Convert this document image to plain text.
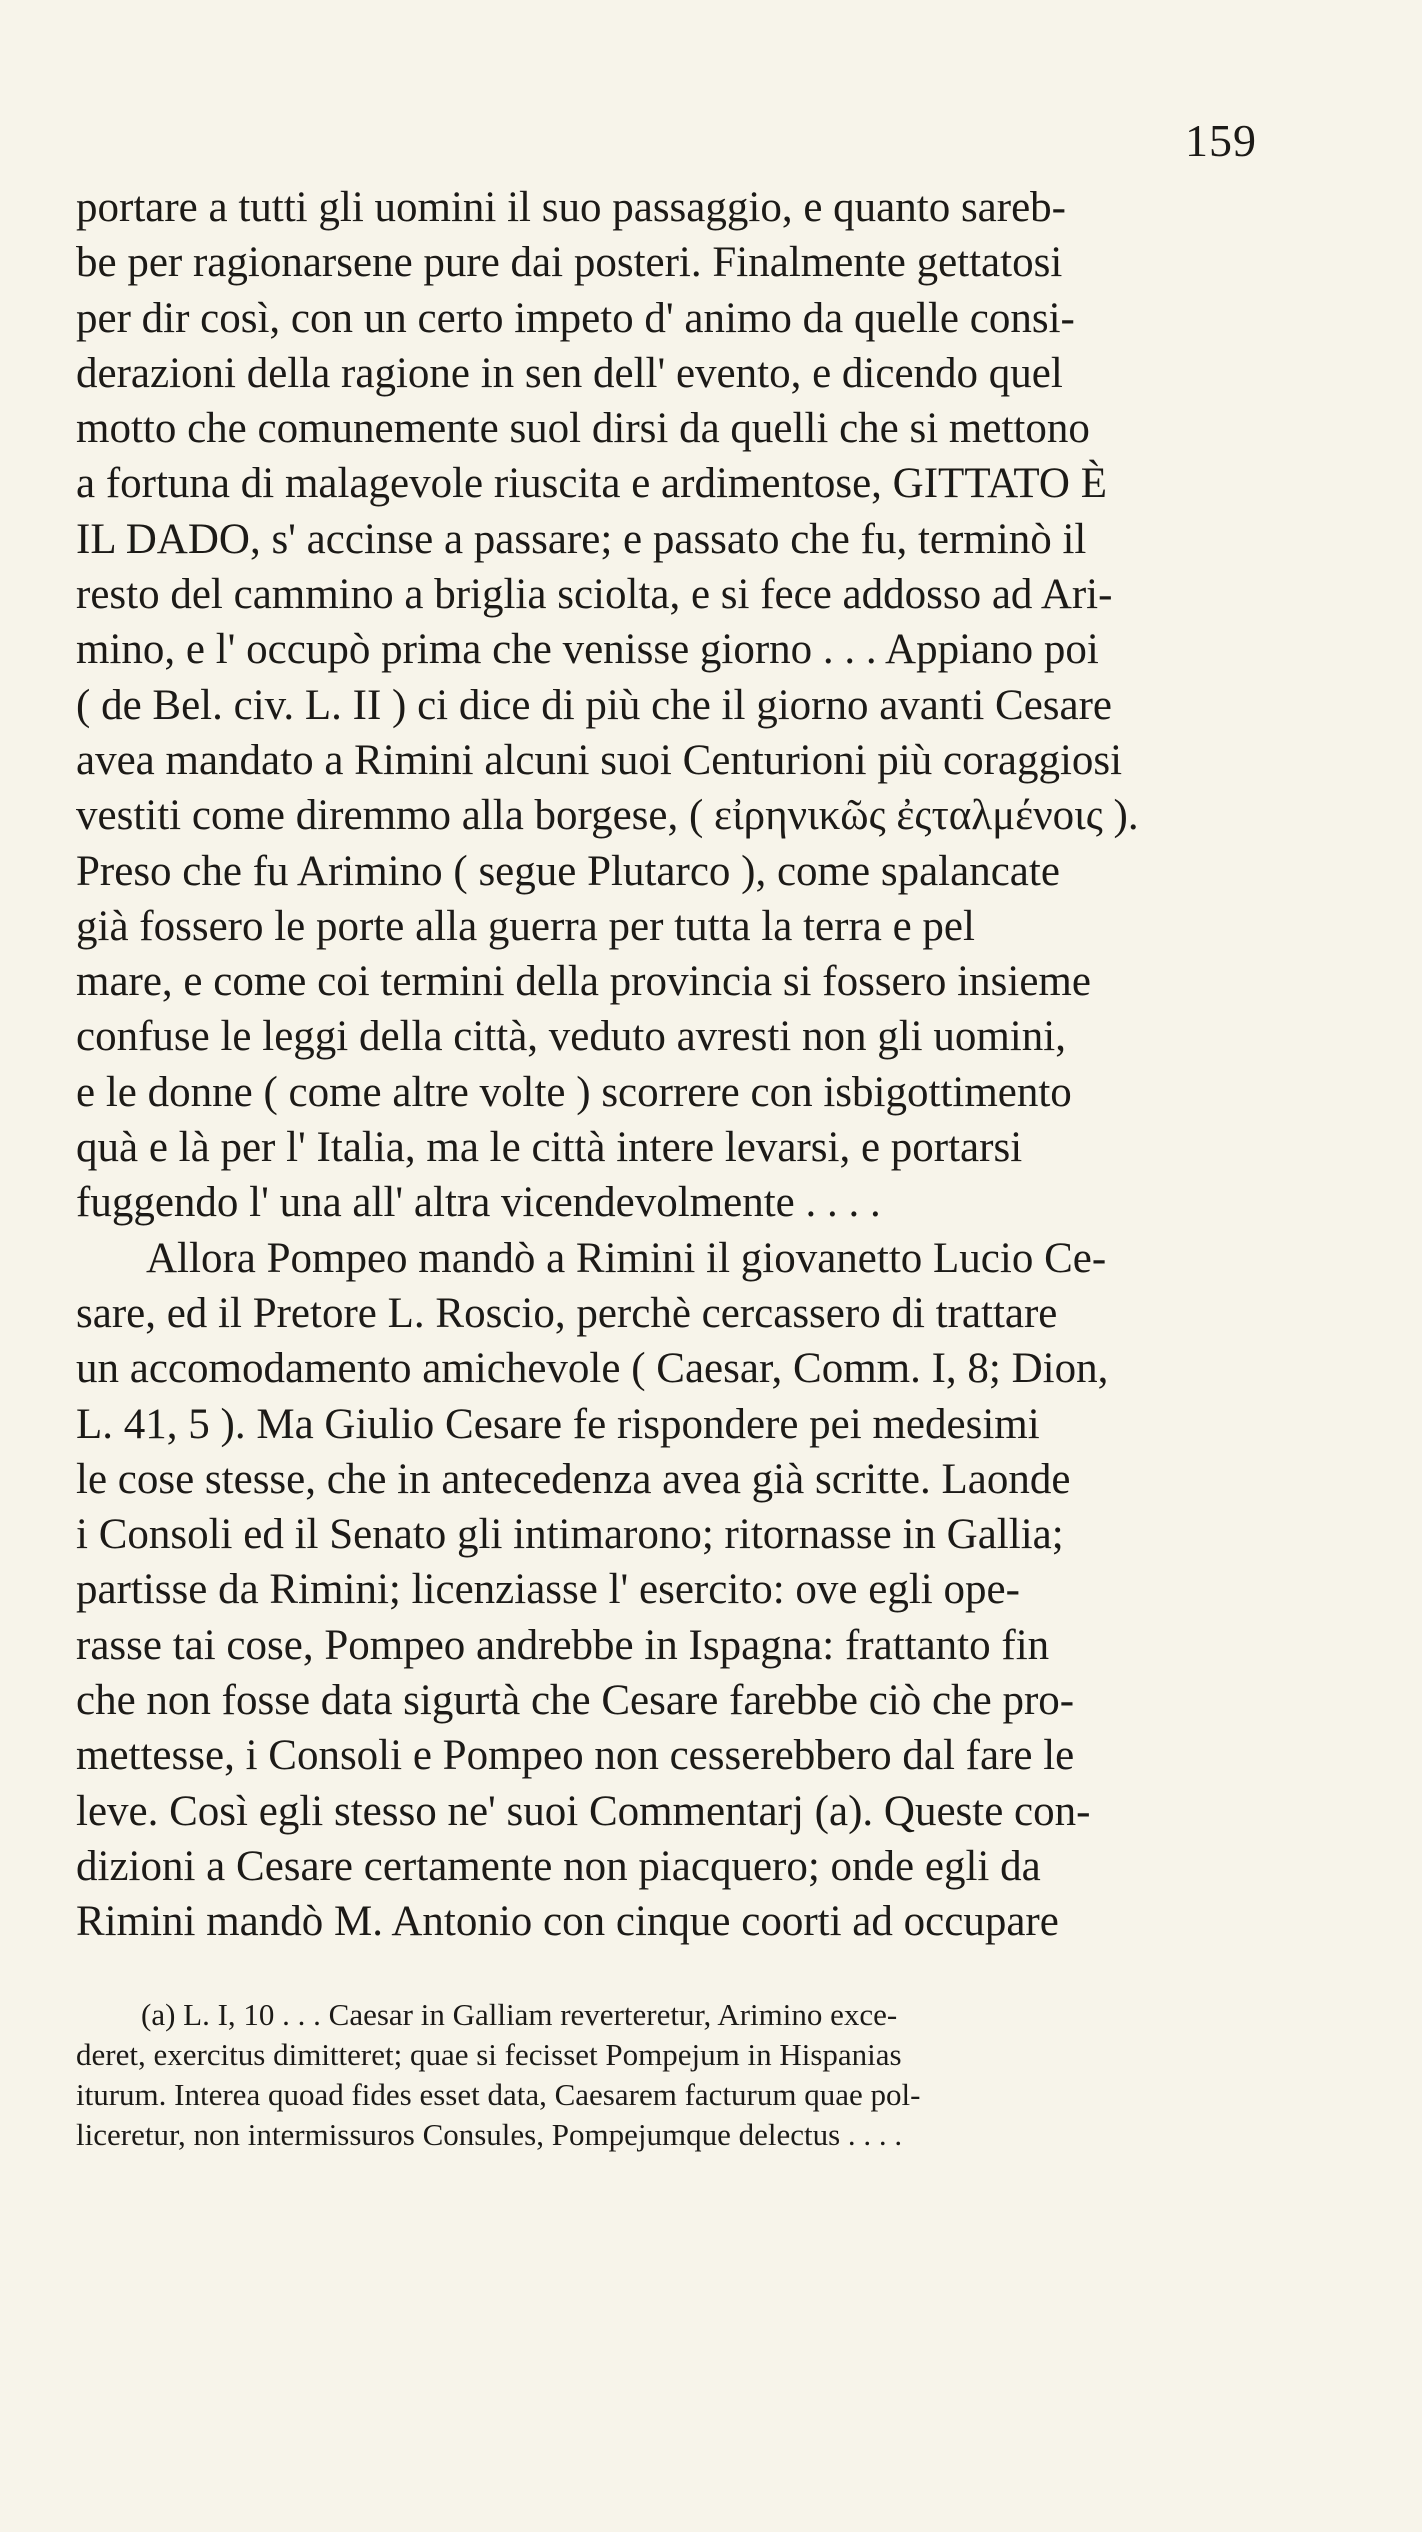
159
portare a tutti gli uomini il suo passaggio, e quanto sareb-
be per ragionarsene pure dai posteri. Finalmente gettatosi
per dir così, con un certo impeto d' animo da quelle consi-
derazioni della ragione in sen dell' evento, e dicendo quel
motto che comunemente suol dirsi da quelli che si mettono
a fortuna di malagevole riuscita e ardimentose, GITTATO È
IL DADO, s' accinse a passare; e passato che fu, terminò il
resto del cammino a briglia sciolta, e si fece addosso ad Ari-
mino, e l' occupò prima che venisse giorno . . . Appiano poi
( de Bel. civ. L. II ) ci dice di più che il giorno avanti Cesare
avea mandato a Rimini alcuni suoi Centurioni più coraggiosi
vestiti come diremmo alla borgese, ( εἰρηνικῶς ἐςταλμένοις ).
Preso che fu Arimino ( segue Plutarco ), come spalancate
già fossero le porte alla guerra per tutta la terra e pel
mare, e come coi termini della provincia si fossero insieme
confuse le leggi della città, veduto avresti non gli uomini,
e le donne ( come altre volte ) scorrere con isbigottimento
quà e là per l' Italia, ma le città intere levarsi, e portarsi
fuggendo l' una all' altra vicendevolmente . . . .
Allora Pompeo mandò a Rimini il giovanetto Lucio Ce-
sare, ed il Pretore L. Roscio, perchè cercassero di trattare
un accomodamento amichevole ( Caesar, Comm. I, 8; Dion,
L. 41, 5 ). Ma Giulio Cesare fe rispondere pei medesimi
le cose stesse, che in antecedenza avea già scritte. Laonde
i Consoli ed il Senato gli intimarono; ritornasse in Gallia;
partisse da Rimini; licenziasse l' esercito: ove egli ope-
rasse tai cose, Pompeo andrebbe in Ispagna: frattanto fin
che non fosse data sigurtà che Cesare farebbe ciò che pro-
mettesse, i Consoli e Pompeo non cesserebbero dal fare le
leve. Così egli stesso ne' suoi Commentarj (a). Queste con-
dizioni a Cesare certamente non piacquero; onde egli da
Rimini mandò M. Antonio con cinque coorti ad occupare
(a) L. I, 10 . . . Caesar in Galliam reverteretur, Arimino exce-
deret, exercitus dimitteret; quae si fecisset Pompejum in Hispanias
iturum. Interea quoad fides esset data, Caesarem facturum quae pol-
liceretur, non intermissuros Consules, Pompejumque delectus . . . .
